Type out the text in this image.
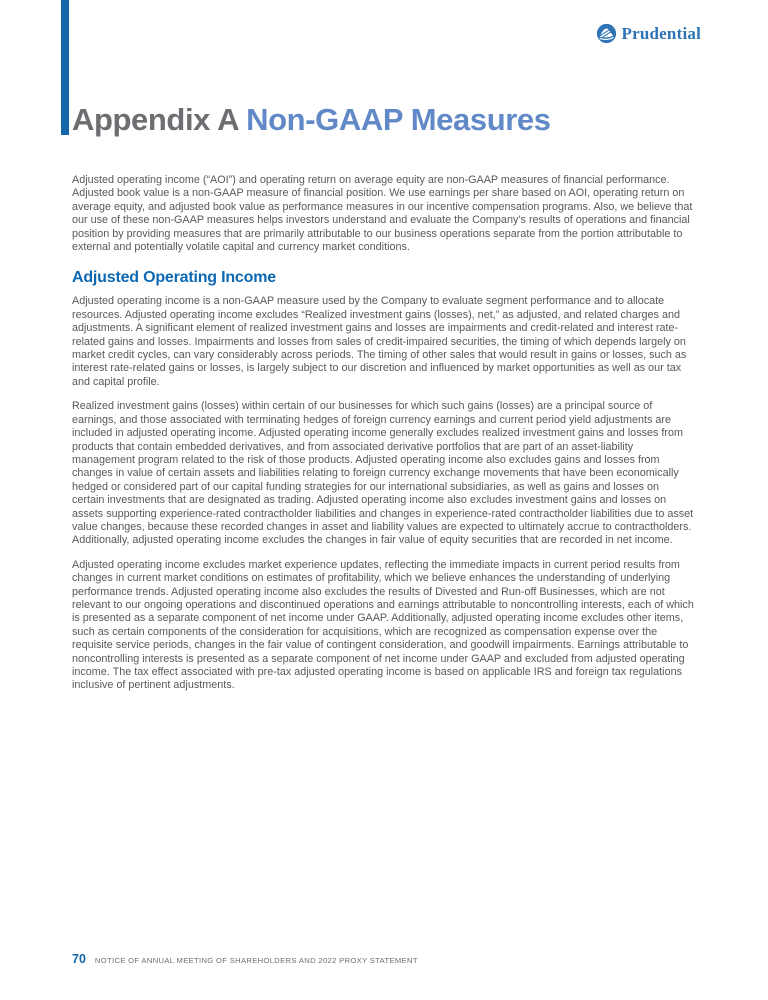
Prudential
Appendix A Non-GAAP Measures

Adjusted operating income (“AOI”) and operating return on average equity are non-GAAP measures of financial performance. Adjusted book value is a non-GAAP measure of financial position. We use earnings per share based on AOI, operating return on average equity, and adjusted book value as performance measures in our incentive compensation programs. Also, we believe that our use of these non-GAAP measures helps investors understand and evaluate the Company’s results of operations and financial position by providing measures that are primarily attributable to our business operations separate from the portion attributable to external and potentially volatile capital and currency market conditions.

Adjusted Operating Income

Adjusted operating income is a non-GAAP measure used by the Company to evaluate segment performance and to allocate resources. Adjusted operating income excludes “Realized investment gains (losses), net,” as adjusted, and related charges and adjustments. A significant element of realized investment gains and losses are impairments and credit-related and interest rate-related gains and losses. Impairments and losses from sales of credit-impaired securities, the timing of which depends largely on market credit cycles, can vary considerably across periods. The timing of other sales that would result in gains or losses, such as interest rate-related gains or losses, is largely subject to our discretion and influenced by market opportunities as well as our tax and capital profile.

Realized investment gains (losses) within certain of our businesses for which such gains (losses) are a principal source of earnings, and those associated with terminating hedges of foreign currency earnings and current period yield adjustments are included in adjusted operating income. Adjusted operating income generally excludes realized investment gains and losses from products that contain embedded derivatives, and from associated derivative portfolios that are part of an asset-liability management program related to the risk of those products. Adjusted operating income also excludes gains and losses from changes in value of certain assets and liabilities relating to foreign currency exchange movements that have been economically hedged or considered part of our capital funding strategies for our international subsidiaries, as well as gains and losses on certain investments that are designated as trading. Adjusted operating income also excludes investment gains and losses on assets supporting experience-rated contractholder liabilities and changes in experience-rated contractholder liabilities due to asset value changes, because these recorded changes in asset and liability values are expected to ultimately accrue to contractholders. Additionally, adjusted operating income excludes the changes in fair value of equity securities that are recorded in net income.

Adjusted operating income excludes market experience updates, reflecting the immediate impacts in current period results from changes in current market conditions on estimates of profitability, which we believe enhances the understanding of underlying performance trends. Adjusted operating income also excludes the results of Divested and Run-off Businesses, which are not relevant to our ongoing operations and discontinued operations and earnings attributable to noncontrolling interests, each of which is presented as a separate component of net income under GAAP. Additionally, adjusted operating income excludes other items, such as certain components of the consideration for acquisitions, which are recognized as compensation expense over the requisite service periods, changes in the fair value of contingent consideration, and goodwill impairments. Earnings attributable to noncontrolling interests is presented as a separate component of net income under GAAP and excluded from adjusted operating income. The tax effect associated with pre-tax adjusted operating income is based on applicable IRS and foreign tax regulations inclusive of pertinent adjustments.

70 NOTICE OF ANNUAL MEETING OF SHAREHOLDERS AND 2022 PROXY STATEMENT
